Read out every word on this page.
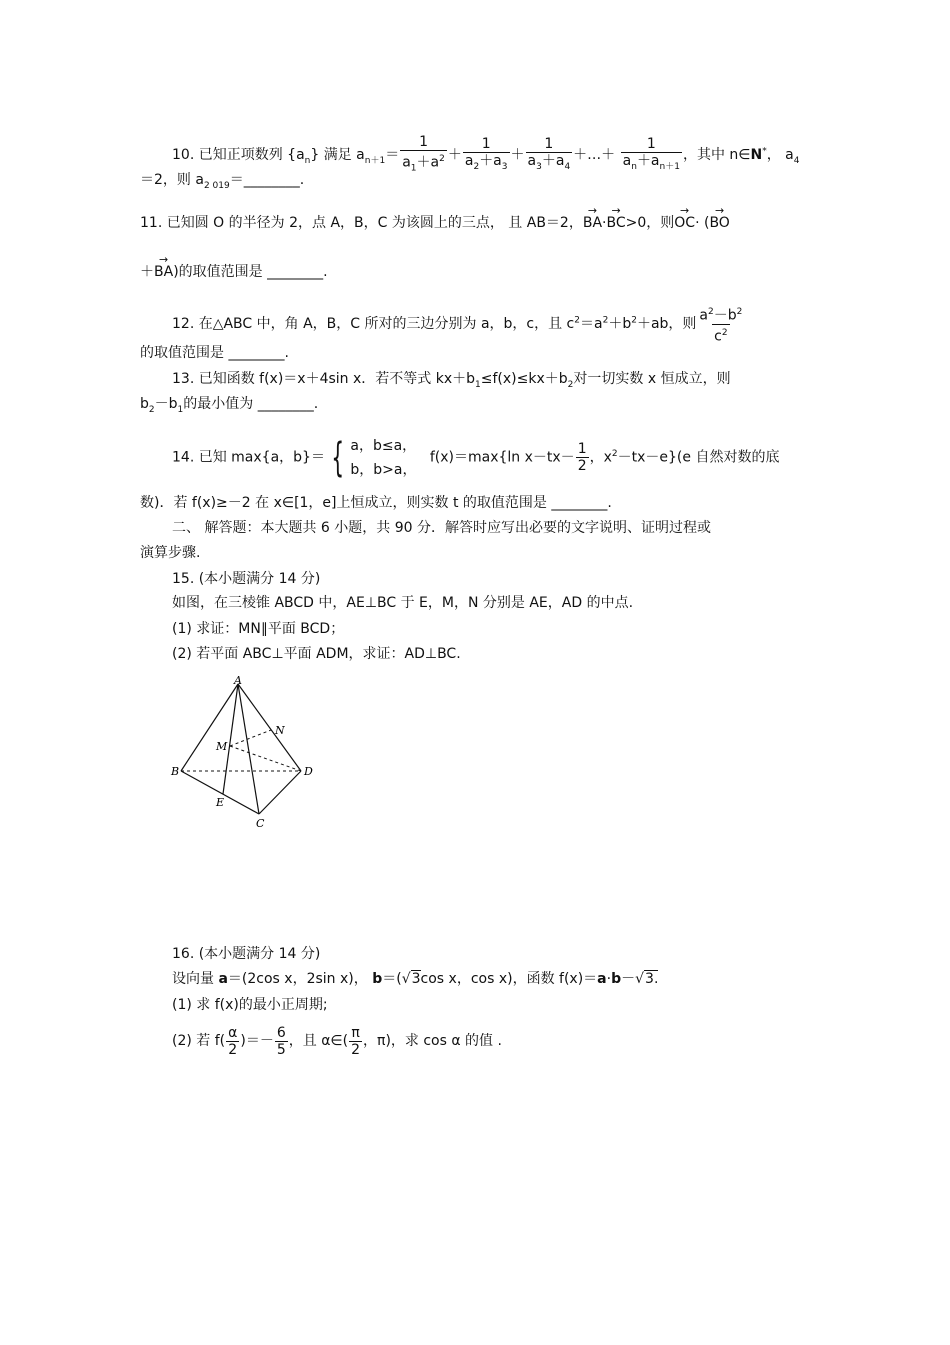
10. 已知正项数列 $\{a_n\}$ 满足 $a_{n+1}= \frac{1}{a_1+a^2} + \frac{1}{a_2+a_3} + \frac{1}{a_3+a_4}$ ＋…＋ $\frac{1}{a_n+a_{n+1}}$ ，其中 n∈N*， $a_4$
＝2，则 $a_{2 019}=\_\_\_\_\_\_\_\_$.
11. 已知圆 O 的半径为 2，点 A，B，C 为该圆上的三点， 且 AB＝2，→ BA·→ BC>0，则→ OC· (→ BO
＋→ BA)的取值范围是 ________.
12. 在△ABC 中，角 A，B，C 所对的三边分别为 a，b，c，且 $c^2=a^2+b^2+ab$，则 $\frac{a^2-b^2}{c^2}$
的取值范围是 ________.
13. 已知函数 f(x)＝x＋4sin x．若不等式 $kx+b_1\le f(x)\le kx+b_2$对一切实数 x 恒成立，则
$b_2-b_1$的最小值为 ________.
14. 已知 max{a，b}＝ { a，b≤a，
b，b>a，
f(x)＝max{ln $x-tx- \frac{1}{2}$ ，$x^2-tx-e\}(e$ 自然对数的底
数)．若 f(x)≥－2 在 x∈[1，e]上恒成立，则实数 t 的取值范围是 ________.
二、 解答题：本大题共 6 小题，共 90 分．解答时应写出必要的文字说明、证明过程或
演算步骤.
15. (本小题满分 14 分)
如图，在三棱锥 ABCD 中，AE⊥BC 于 E，M，N 分别是 AE，AD 的中点.
(1) 求证：MN∥平面 BCD；
(2) 若平面 ABC⊥平面 ADM，求证：AD⊥BC.
A
B
C
D
E
M
N
16. (本小题满分 14 分)
设向量 a＝(2cos x，2sin x)， b＝(√3cos x，cos x)，函数 f(x)＝a·b－√3.
(1) 求 f(x)的最小正周期;
(2) 若 $f( \frac{\alpha}{2}$ )＝－ $\frac{6}{5}$ ，且 α∈( $\frac{\pi}{2}$ ，π)，求 cos α 的值 .
